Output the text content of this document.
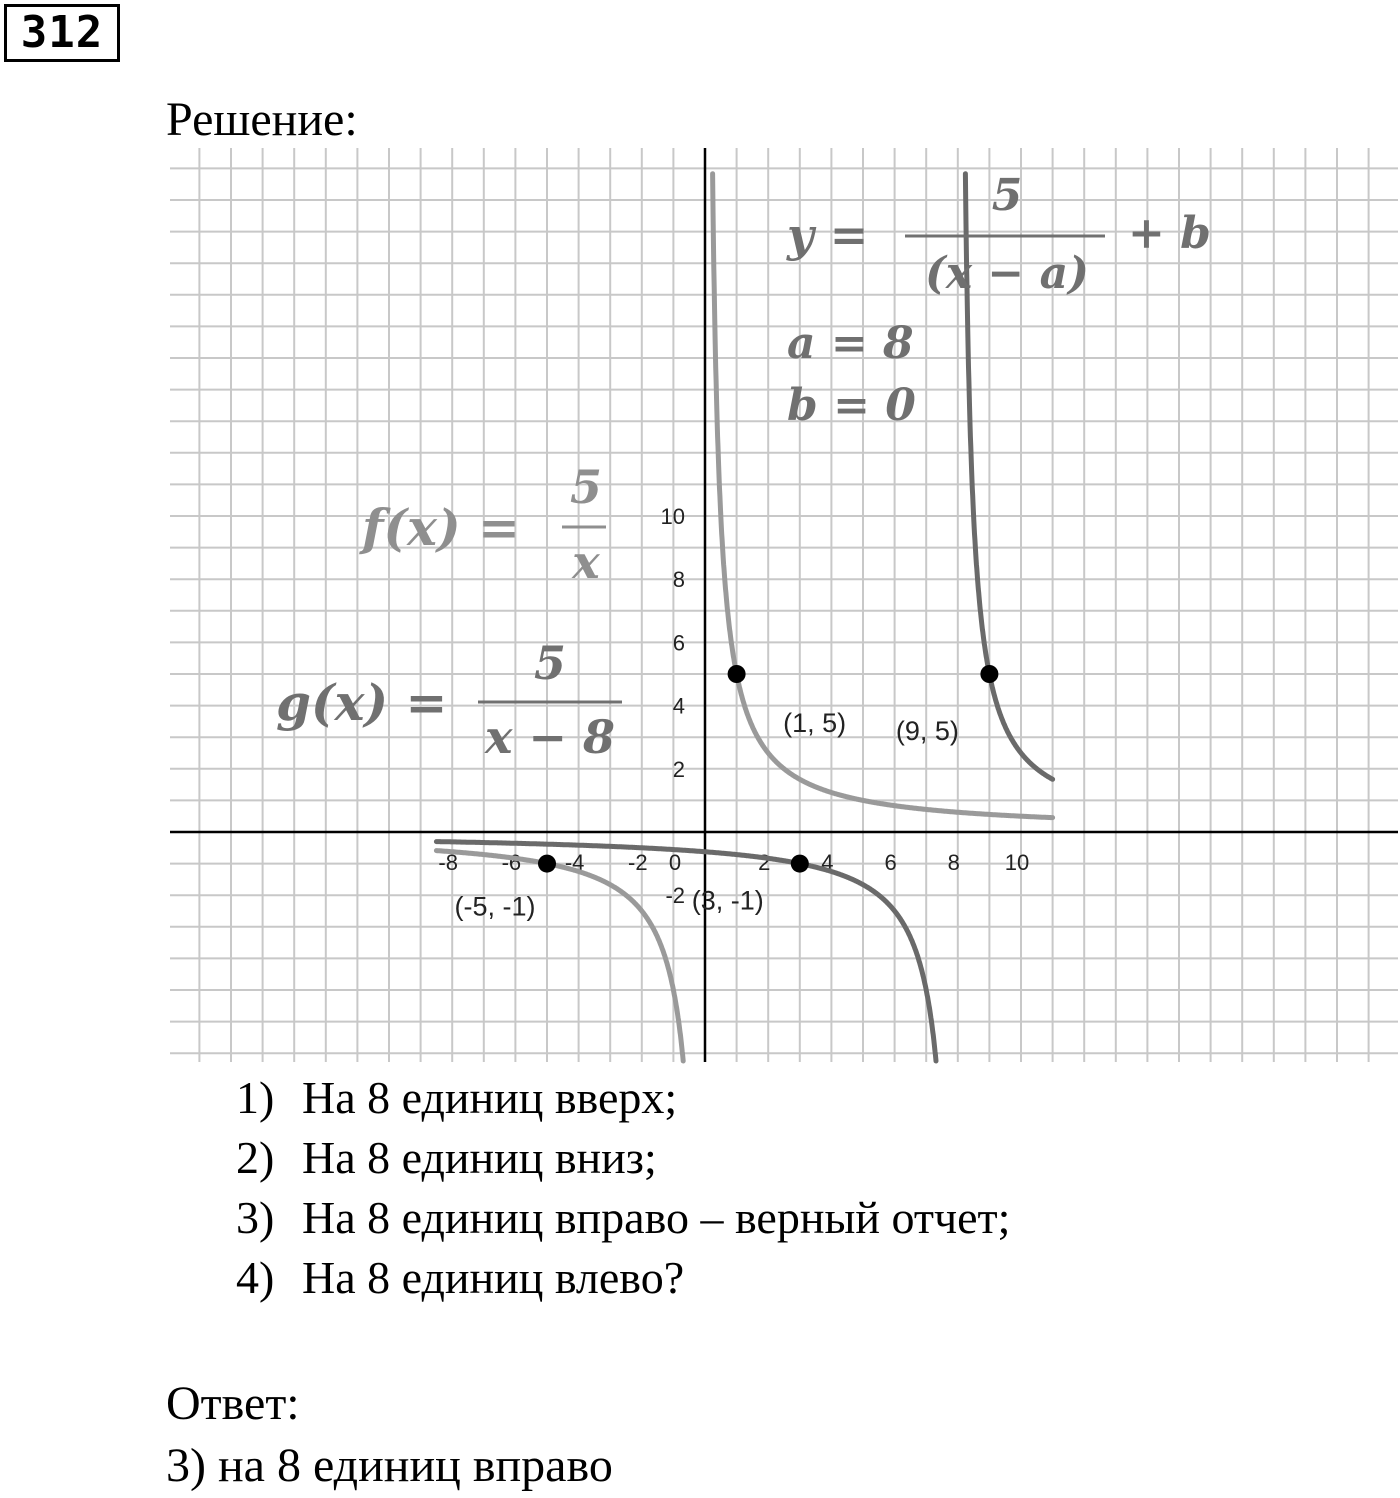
312
Решение:
-8 -6 -4 -2 0	2 4 6 8 10
10
8
6
4
2
-2
(1, 5) (9, 5)
(-5, -1)	(3, -1)
y =
5
(x − a)
+ b
a = 8
b = 0
f(x) =
5
x
g(x) =
5
x − 8
1) На 8 единиц вверх;
2) На 8 единиц вниз;
3) На 8 единиц вправо – верный отчет;
4) На 8 единиц влево?
Ответ:
3) на 8 единиц вправо
